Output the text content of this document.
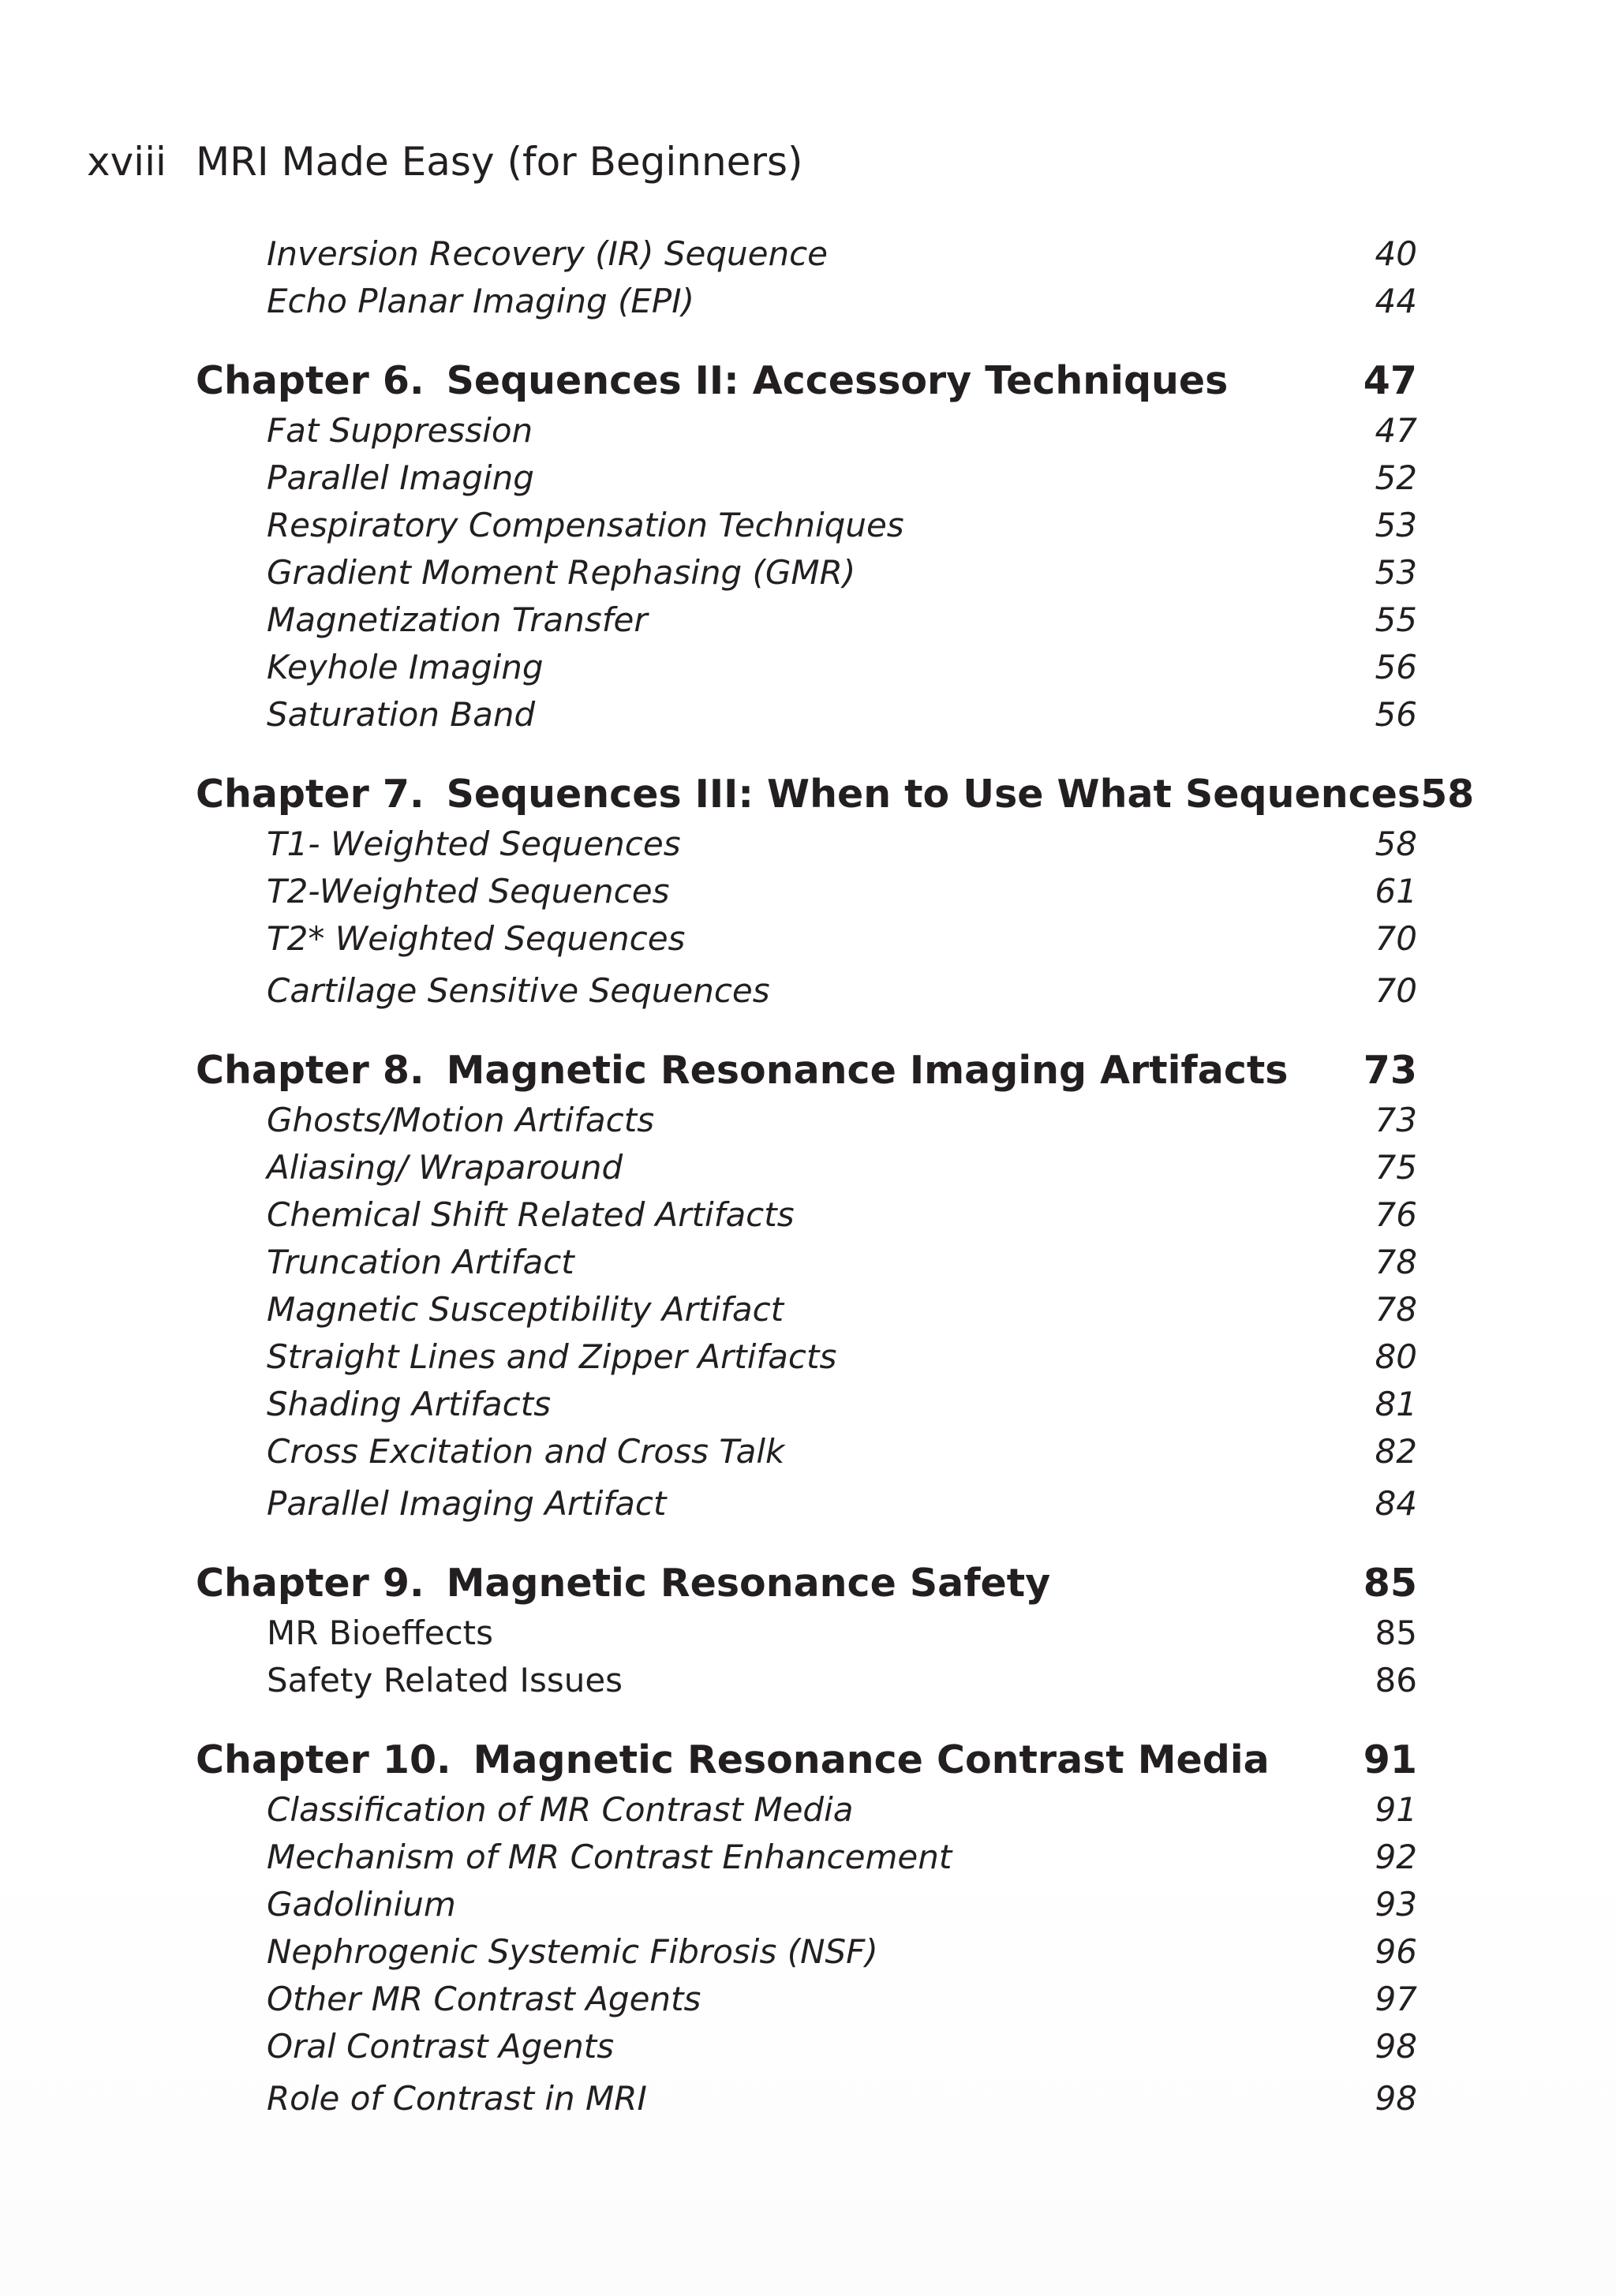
xviii MRI Made Easy (for Beginners)
Inversion Recovery (IR) Sequence	40
Echo Planar Imaging (EPI)	44
Chapter 6. Sequences II: Accessory Techniques	47
Fat Suppression	47
Parallel Imaging	52
Respiratory Compensation Techniques	53
Gradient Moment Rephasing (GMR)	53
Magnetization Transfer	55
Keyhole Imaging	56
Saturation Band	56
Chapter 7. Sequences III: When to Use What Sequences 58
T1- Weighted Sequences	58
T2-Weighted Sequences	61
T2* Weighted Sequences	70
Cartilage Sensitive Sequences	70
Chapter 8. Magnetic Resonance Imaging Artifacts 73
Ghosts/Motion Artifacts	73
Aliasing/ Wraparound	75
Chemical Shift Related Artifacts	76
Truncation Artifact	78
Magnetic Susceptibility Artifact	78
Straight Lines and Zipper Artifacts	80
Shading Artifacts	81
Cross Excitation and Cross Talk	82
Parallel Imaging Artifact	84
Chapter 9. Magnetic Resonance Safety	85
MR Bioeffects	85
Safety Related Issues	86
Chapter 10. Magnetic Resonance Contrast Media 91
Classification of MR Contrast Media	91
Mechanism of MR Contrast Enhancement	92
Gadolinium	93
Nephrogenic Systemic Fibrosis (NSF)	96
Other MR Contrast Agents	97
Oral Contrast Agents	98
Role of Contrast in MRI	98
